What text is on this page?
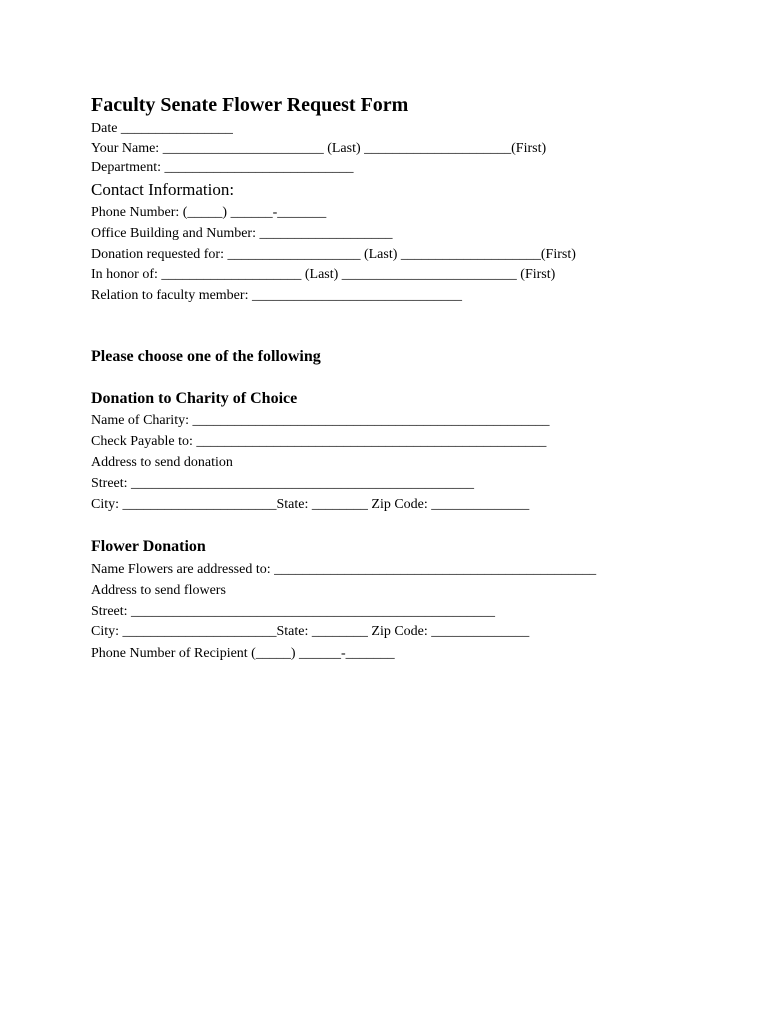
Faculty Senate Flower Request Form
Date ________________
Your Name: _______________________ (Last) _____________________(First)
Department: ___________________________
Contact Information:
Phone Number: (_____) ______-_______
Office Building and Number: ___________________
Donation requested for: ___________________ (Last) ____________________(First)
In honor of: ____________________ (Last) _________________________ (First)
Relation to faculty member: ______________________________
Please choose one of the following
Donation to Charity of Choice
Name of Charity: ___________________________________________________
Check Payable to: __________________________________________________
Address to send donation
Street: _________________________________________________
City: ______________________State: ________ Zip Code: ______________
Flower Donation
Name Flowers are addressed to: ______________________________________________
Address to send flowers
Street: ____________________________________________________
City: ______________________State: ________ Zip Code: ______________
Phone Number of Recipient (_____) ______-_______
